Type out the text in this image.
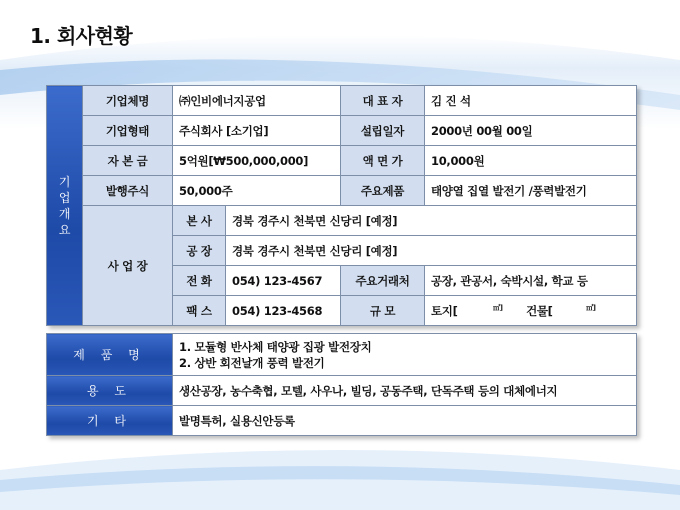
1. 회사현황
기
업
개
요	기업체명	㈜인비에너지공업		대 표 자	김 진 석
	기업형태	주식회사 [소기업]		설립일자	2000년 00월 00일
	자 본 금	5억원[₩500,000,000]		액 면 가	10,000원
	발행주식	50,000주		주요제품	태양열 집열 발전기 /풍력발전기
	사 업 장	본 사	경북 경주시 천북면 신당리 [예정]		
		공 장	경북 경주시 천북면 신당리 [예정]		
		전 화	054) 123-4567	주요거래처	공장, 관공서, 숙박시설, 학교 등
		팩 스	054) 123-4568	규 모	토지[ ㎡] 건물[ ㎡]
제 품 명	1. 모듈형 반사체 태양광 집광 발전장치
2. 상반 회전날개 풍력 발전기

용 도	생산공장, 농수축협, 모텔, 사우나, 빌딩, 공동주택, 단독주택 등의 대체에너지
기 타	발명특허, 실용신안등록
